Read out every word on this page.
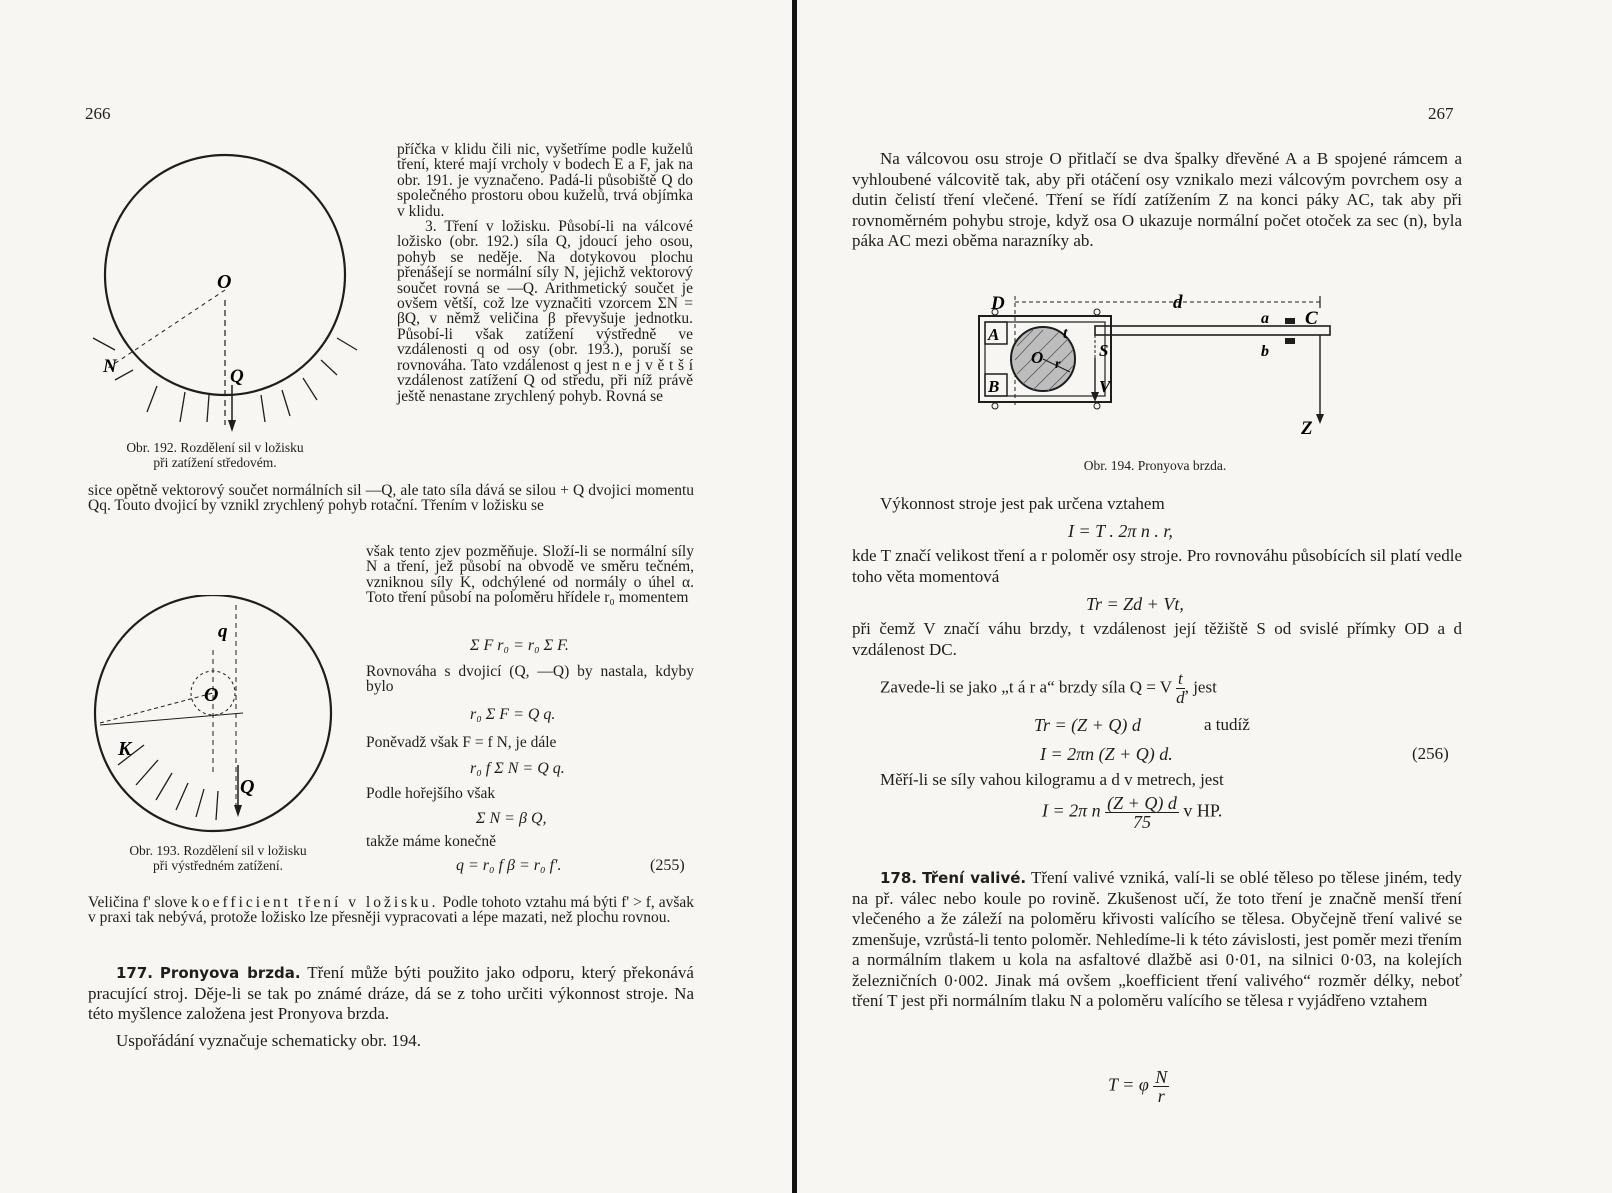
266
O
N	Q
Obr. 192. Rozdělení sil v ložisku
při zatížení středovém.

příčka v klidu čili nic, vyšetříme podle kuželů tření, které mají vrcholy v bodech E a F, jak na obr. 191. je vyznačeno. Padá-li působiště Q do společného prostoru obou kuželů, trvá objímka v klidu.

3. Tření v ložisku. Působí-li na válcové ložisko (obr. 192.) síla Q, jdoucí jeho osou, pohyb se neděje. Na dotykovou plochu přenášejí se normální síly N, jejichž vektorový součet rovná se —Q. Arithmetický součet je ovšem větší, což lze vyznačiti vzorcem ΣN = βQ, v němž veličina β převyšuje jednotku. Působí-li však zatížení výstředně ve vzdálenosti q od osy (obr. 193.), poruší se rovnováha. Tato vzdálenost q jest n e j v ě t š í vzdálenost zatížení Q od středu, při níž právě ještě nenastane zrychlený pohyb. Rovná se

sice opětně vektorový součet normálních sil —Q, ale tato síla dává se silou + Q dvojici momentu Qq. Touto dvojicí by vznikl zrychlený pohyb rotační. Třením v ložisku se

však tento zjev pozměňuje. Složí-li se normální síly N a tření, jež působí na obvodě ve směru tečném, vzniknou síly K, odchýlené od normály o úhel α. Toto tření působí na poloměru hřídele r₀ momentem

Σ F r₀ = r₀ Σ F.

Rovnováha s dvojicí (Q, —Q) by nastala, kdyby bylo

r₀ Σ F = Q q.

Poněvadž však F = f N, je dále

r₀ f Σ N = Q q.

Podle hořejšího však

Σ N = β Q,

takže máme konečně

q = r₀ f β = r₀ f'.	(255)
q
O
K
Q
Obr. 193. Rozdělení sil v ložisku
při výstředném zatížení.

Veličina f' slove koefficient tření v ložisku. Podle tohoto vztahu má býti f' > f, avšak v praxi tak nebývá, protože ložisko lze přesněji vypracovati a lépe mazati, než plochu rovnou.

177. Pronyova brzda. Tření může býti použito jako odporu, který překonává pracující stroj. Děje-li se tak po známé dráze, dá se z toho určiti výkonnost stroje. Na této myšlence založena jest Pronyova brzda.

Uspořádání vyznačuje schematicky obr. 194.

267

Na válcovou osu stroje O přitlačí se dva špalky dřevěné A a B spojené rámcem a vyhloubené válcovitě tak, aby při otáčení osy vznikalo mezi válcovým povrchem osy a dutin čelistí tření vlečené. Tření se řídí zatížením Z na konci páky AC, tak aby při rovnoměrném pohybu stroje, když osa O ukazuje normální počet otoček za sec (n), byla páka AC mezi oběma narazníky ab.

D	d
a C
A	t
O r
S	b
B	V
Z
Obr. 194. Pronyova brzda.

Výkonnost stroje jest pak určena vztahem

I = T . 2π n . r,

kde T značí velikost tření a r poloměr osy stroje. Pro rovnováhu působících sil platí vedle toho věta momentová

Tr = Zd + Vt,

při čemž V značí váhu brzdy, t vzdálenost její těžiště S od svislé přímky OD a d vzdálenost DC.

Zavede-li se jako „t á r a“ brzdy síla Q = V $\frac{t}{d}$ , jest
Tr = (Z + Q) d	a tudíž
I = 2πn (Z + Q) d.	(256)

Měří-li se síly vahou kilogramu a d v metrech, jest

I = 2π n $\frac{(Z + Q) d}{75}$ v HP.

178. Tření valivé. Tření valivé vzniká, valí-li se oblé těleso po tělese jiném, tedy na př. válec nebo koule po rovině. Zkušenost učí, že toto tření je značně menší tření vlečeného a že záleží na poloměru křivosti valícího se tělesa. Obyčejně tření valivé se zmenšuje, vzrůstá-li tento poloměr. Nehledíme-li k této závislosti, jest poměr mezi třením a normálním tlakem u kola na asfaltové dlažbě asi 0·01, na silnici 0·03, na kolejích železničních 0·002. Jinak má ovšem „koefficient tření valivého“ rozměr délky, neboť tření T jest při normálním tlaku N a poloměru valícího se tělesa r vyjádřeno vztahem

T = φ $\frac{N}{r}$
